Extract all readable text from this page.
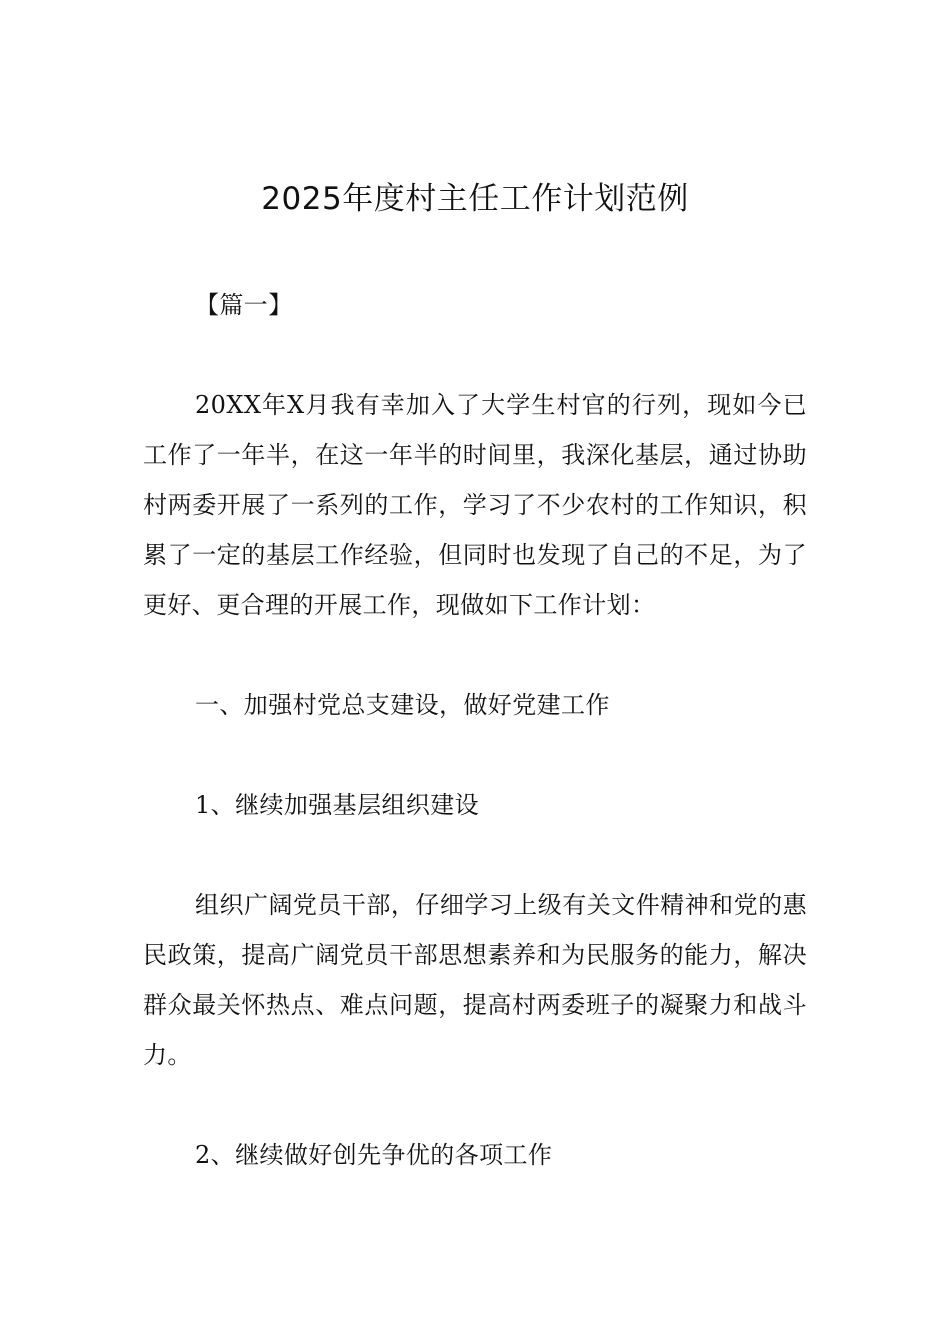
2025年度村主任工作计划范例

【篇一】

20XX年X月我有幸加入了大学生村官的行列，现如今已工作了一年半，在这一年半的时间里，我深化基层，通过协助村两委开展了一系列的工作，学习了不少农村的工作知识，积累了一定的基层工作经验，但同时也发现了自己的不足，为了更好、更合理的开展工作，现做如下工作计划：

一、加强村党总支建设，做好党建工作

1、继续加强基层组织建设

组织广阔党员干部，仔细学习上级有关文件精神和党的惠民政策，提高广阔党员干部思想素养和为民服务的能力，解决群众最关怀热点、难点问题，提高村两委班子的凝聚力和战斗力。

2、继续做好创先争优的各项工作
